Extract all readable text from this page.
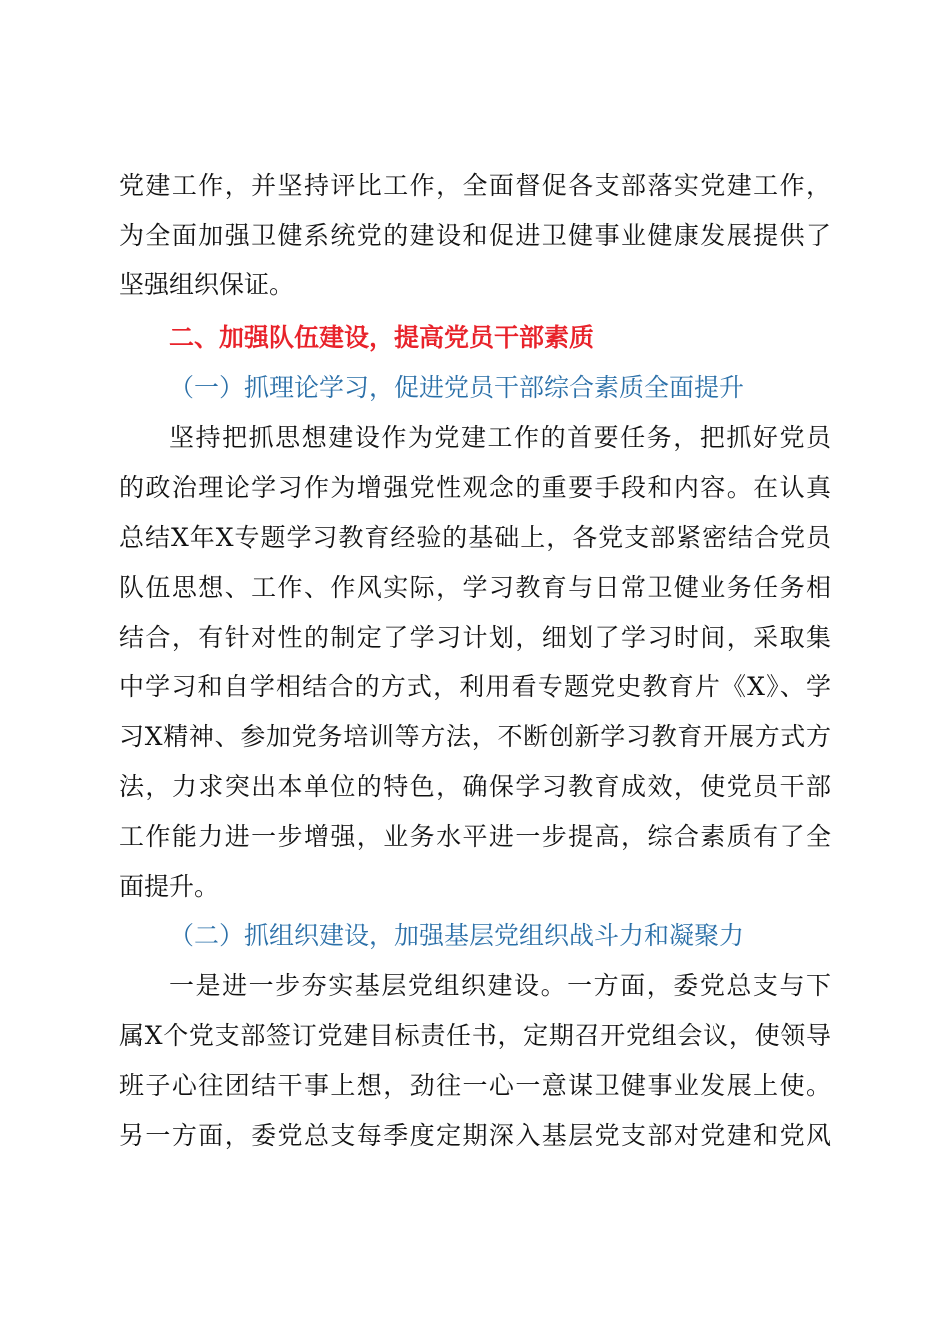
党建工作，并坚持评比工作，全面督促各支部落实党建工作，
为全面加强卫健系统党的建设和促进卫健事业健康发展提供了
坚强组织保证。
二、加强队伍建设，提高党员干部素质
（一）抓理论学习，促进党员干部综合素质全面提升
坚持把抓思想建设作为党建工作的首要任务，把抓好党员
的政治理论学习作为增强党性观念的重要手段和内容。在认真
总结X年X专题学习教育经验的基础上，各党支部紧密结合党员
队伍思想、工作、作风实际，学习教育与日常卫健业务任务相
结合，有针对性的制定了学习计划，细划了学习时间，采取集
中学习和自学相结合的方式，利用看专题党史教育片《X》、学
习X精神、参加党务培训等方法，不断创新学习教育开展方式方
法，力求突出本单位的特色，确保学习教育成效，使党员干部
工作能力进一步增强，业务水平进一步提高，综合素质有了全
面提升。
（二）抓组织建设，加强基层党组织战斗力和凝聚力
一是进一步夯实基层党组织建设。一方面，委党总支与下
属X个党支部签订党建目标责任书，定期召开党组会议，使领导
班子心往团结干事上想，劲往一心一意谋卫健事业发展上使。
另一方面，委党总支每季度定期深入基层党支部对党建和党风
